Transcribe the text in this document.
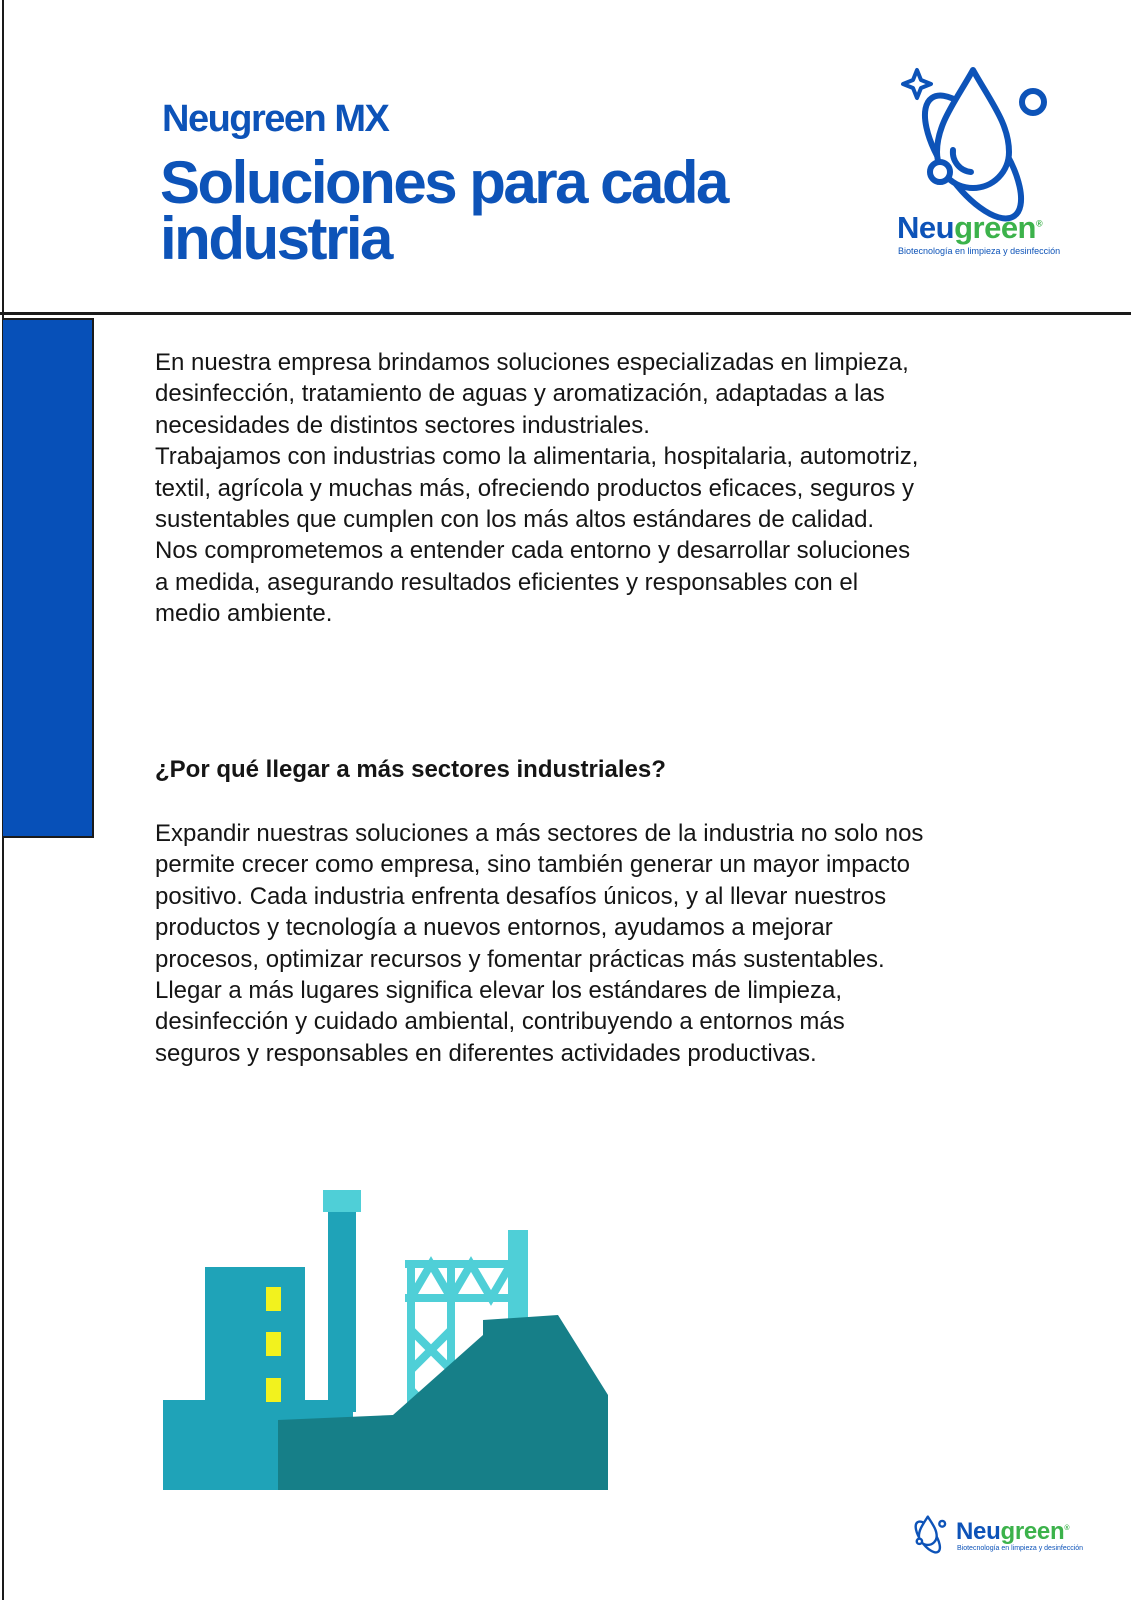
Neugreen MX
Soluciones para cada industria	Neugreen®
Biotecnología en limpieza y desinfección

En nuestra empresa brindamos soluciones especializadas en limpieza, desinfección, tratamiento de aguas y aromatización, adaptadas a las necesidades de distintos sectores industriales.

Trabajamos con industrias como la alimentaria, hospitalaria, automotriz, textil, agrícola y muchas más, ofreciendo productos eficaces, seguros y sustentables que cumplen con los más altos estándares de calidad.

Nos comprometemos a entender cada entorno y desarrollar soluciones a medida, asegurando resultados eficientes y responsables con el medio ambiente.

¿Por qué llegar a más sectores industriales?

Expandir nuestras soluciones a más sectores de la industria no solo nos permite crecer como empresa, sino también generar un mayor impacto positivo. Cada industria enfrenta desafíos únicos, y al llevar nuestros productos y tecnología a nuevos entornos, ayudamos a mejorar procesos, optimizar recursos y fomentar prácticas más sustentables.

Llegar a más lugares significa elevar los estándares de limpieza, desinfección y cuidado ambiental, contribuyendo a entornos más seguros y responsables en diferentes actividades productivas.

Neugreen®
Biotecnología en limpieza y desinfección
